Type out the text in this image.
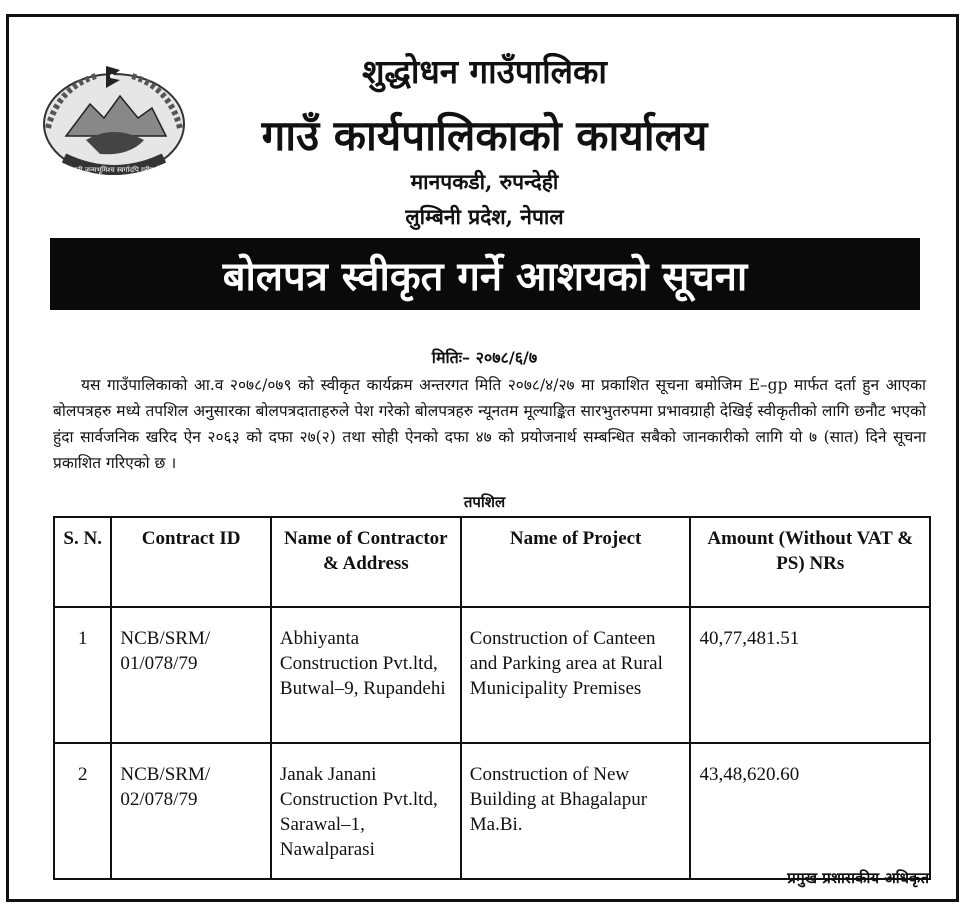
जननी जन्मभूमिश्च स्वर्गादपि गरीयसी
शुद्धोधन गाउँपालिका
गाउँ कार्यपालिकाको कार्यालय
मानपकडी, रुपन्देही
लुम्बिनी प्रदेश, नेपाल
बोलपत्र स्वीकृत गर्ने आशयको सूचना
मितिः– २०७८/६/७
यस गाउँपालिकाको आ.व २०७८/०७९ को स्वीकृत कार्यक्रम अन्तरगत मिति २०७८/४/२७ मा प्रकाशित सूचना बमोजिम E–gp मार्फत दर्ता हुन आएका बोलपत्रहरु मध्ये तपशिल अनुसारका बोलपत्रदाताहरुले पेश गरेको बोलपत्रहरु न्यूनतम मूल्याङ्कित सारभुतरुपमा प्रभावग्राही देखिई स्वीकृतीको लागि छनौट भएको हुंदा सार्वजनिक खरिद ऐन २०६३ को दफा २७(२) तथा सोही ऐनको दफा ४७ को प्रयोजनार्थ सम्बन्धित सबैको जानकारीको लागि यो ७ (सात) दिने सूचना प्रकाशित गरिएको छ ।
तपशिल
S. N.	Contract ID	Name of Contractor & Address	Name of Project	Amount (Without VAT & PS) NRs
1	NCB/SRM/ 01/078/79	Abhiyanta Construction Pvt.ltd, Butwal–9, Rupandehi	Construction of Canteen and Parking area at Rural Municipality Premises	40,77,481.51
2	NCB/SRM/ 02/078/79	Janak Janani Construction Pvt.ltd, Sarawal–1, Nawalparasi	Construction of New Building at Bhagalapur Ma.Bi.	43,48,620.60
प्रमुख प्रशासकीय अधिकृत
